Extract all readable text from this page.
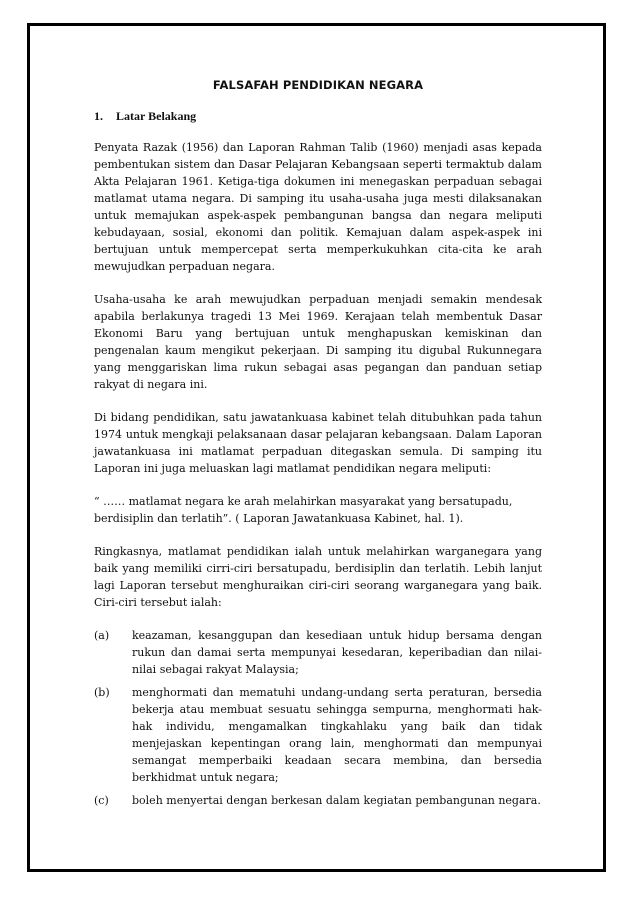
FALSAFAH PENDIDIKAN NEGARA
1. Latar Belakang

Penyata Razak (1956) dan Laporan Rahman Talib (1960) menjadi asas kepada pembentukan sistem dan Dasar Pelajaran Kebangsaan seperti termaktub dalam Akta Pelajaran 1961. Ketiga-tiga dokumen ini menegaskan perpaduan sebagai matlamat utama negara. Di samping itu usaha-usaha juga mesti dilaksanakan untuk memajukan aspek-aspek pembangunan bangsa dan negara meliputi kebudayaan, sosial, ekonomi dan politik. Kemajuan dalam aspek-aspek ini bertujuan untuk mempercepat serta memperkukuhkan cita-cita ke arah mewujudkan perpaduan negara.

Usaha-usaha ke arah mewujudkan perpaduan menjadi semakin mendesak apabila berlakunya tragedi 13 Mei 1969. Kerajaan telah membentuk Dasar Ekonomi Baru yang bertujuan untuk menghapuskan kemiskinan dan pengenalan kaum mengikut pekerjaan. Di samping itu digubal Rukunnegara yang menggariskan lima rukun sebagai asas pegangan dan panduan setiap rakyat di negara ini.

Di bidang pendidikan, satu jawatankuasa kabinet telah ditubuhkan pada tahun 1974 untuk mengkaji pelaksanaan dasar pelajaran kebangsaan. Dalam Laporan jawatankuasa ini matlamat perpaduan ditegaskan semula. Di samping itu Laporan ini juga meluaskan lagi matlamat pendidikan negara meliputi:

“ …… matlamat negara ke arah melahirkan masyarakat yang bersatupadu, berdisiplin dan terlatih”. ( Laporan Jawatankuasa Kabinet, hal. 1).

Ringkasnya, matlamat pendidikan ialah untuk melahirkan warganegara yang baik yang memiliki cirri-ciri bersatupadu, berdisiplin dan terlatih. Lebih lanjut lagi Laporan tersebut menghuraikan ciri-ciri seorang warganegara yang baik. Ciri-ciri tersebut ialah:

(a)	keazaman, kesanggupan dan kesediaan untuk hidup bersama dengan rukun dan damai serta mempunyai kesedaran, keperibadian dan nilai-nilai sebagai rakyat Malaysia;
(b)	menghormati dan mematuhi undang-undang serta peraturan, bersedia bekerja atau membuat sesuatu sehingga sempurna, menghormati hak-hak individu, mengamalkan tingkahlaku yang baik dan tidak menjejaskan kepentingan orang lain, menghormati dan mempunyai semangat memperbaiki keadaan secara membina, dan bersedia berkhidmat untuk negara;
(c)	boleh menyertai dengan berkesan dalam kegiatan pembangunan negara.
